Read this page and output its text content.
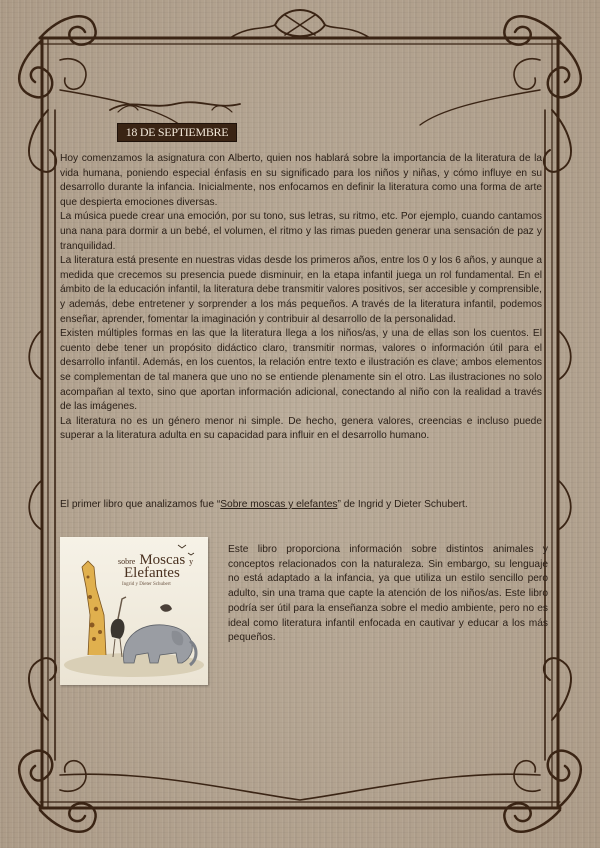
18 DE SEPTIEMBRE

Hoy comenzamos la asignatura con Alberto, quien nos hablará sobre la importancia de la literatura de la vida humana, poniendo especial énfasis en su significado para los niños y niñas, y cómo influye en su desarrollo durante la infancia. Inicialmente, nos enfocamos en definir la literatura como una forma de arte que despierta emociones diversas.

La música puede crear una emoción, por su tono, sus letras, su ritmo, etc. Por ejemplo, cuando cantamos una nana para dormir a un bebé, el volumen, el ritmo y las rimas pueden generar una sensación de paz y tranquilidad.

La literatura está presente en nuestras vidas desde los primeros años, entre los 0 y los 6 años, y aunque a medida que crecemos su presencia puede disminuir, en la etapa infantil juega un rol fundamental. En el ámbito de la educación infantil, la literatura debe transmitir valores positivos, ser accesible y comprensible, y además, debe entretener y sorprender a los más pequeños. A través de la literatura infantil, podemos enseñar, aprender, fomentar la imaginación y contribuir al desarrollo de la personalidad.

Existen múltiples formas en las que la literatura llega a los niños/as, y una de ellas son los cuentos. El cuento debe tener un propósito didáctico claro, transmitir normas, valores o información útil para el desarrollo infantil. Además, en los cuentos, la relación entre texto e ilustración es clave; ambos elementos se complementan de tal manera que uno no se entiende plenamente sin el otro. Las ilustraciones no solo acompañan al texto, sino que aportan información adicional, conectando al niño con la realidad a través de las imágenes.

La literatura no es un género menor ni simple. De hecho, genera valores, creencias e incluso puede superar a la literatura adulta en su capacidad para influir en el desarrollo humano.

El primer libro que analizamos fue “Sobre moscas y elefantes” de Ingrid y Dieter Schubert.
sobre Moscas y
Elefantes
Ingrid y Dieter Schubert
Este libro proporciona información sobre distintos animales y conceptos relacionados con la naturaleza. Sin embargo, su lenguaje no está adaptado a la infancia, ya que utiliza un estilo sencillo pero adulto, sin una trama que capte la atención de los niños/as. Este libro podría ser útil para la enseñanza sobre el medio ambiente, pero no es ideal como literatura infantil enfocada en cautivar y educar a los más pequeños.
